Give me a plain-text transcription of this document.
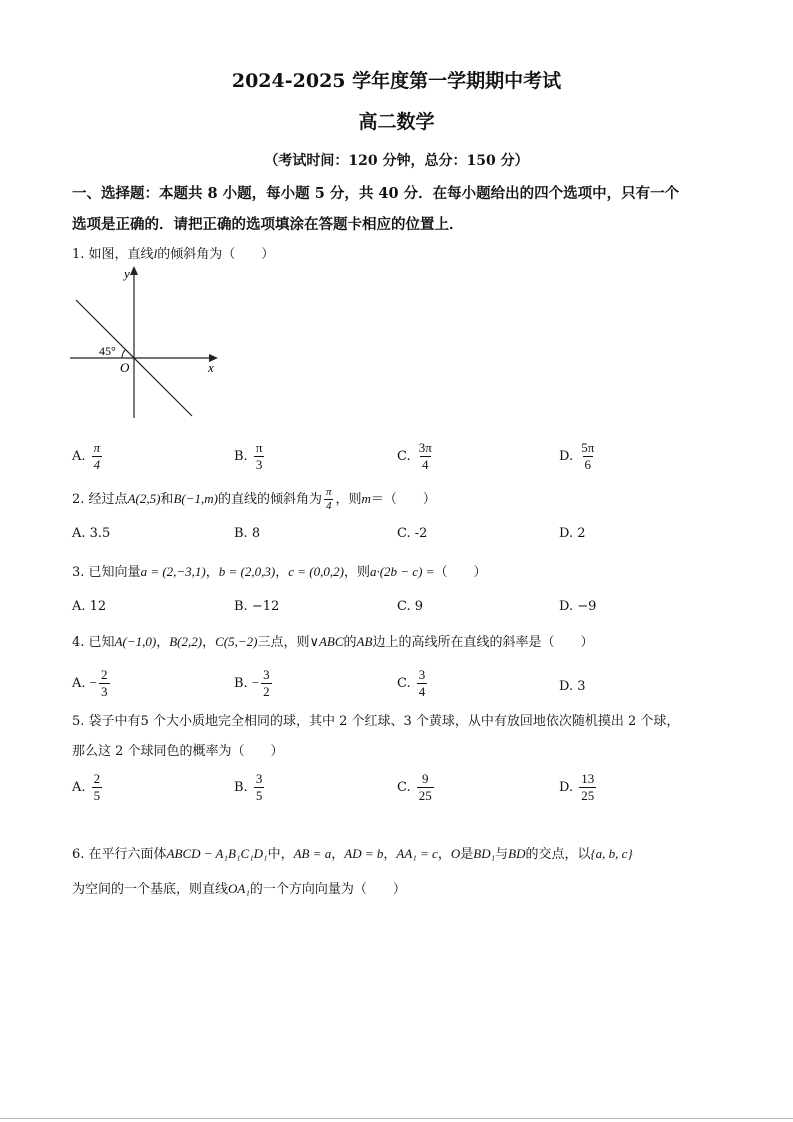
2024-2025 学年度第一学期期中考试
高二数学
（考试时间：120 分钟，总分：150 分）
一、选择题：本题共 8 小题，每小题 5 分，共 40 分．在每小题给出的四个选项中，只有一个
选项是正确的．请把正确的选项填涂在答题卡相应的位置上．
1. 如图，直线l的倾斜角为（　　）
y
x
O
45°
A. $\frac{\pi}{4}$	B. $\frac{\pi}{3}$	C. $\frac{3\pi}{4}$	D. $\frac{5\pi}{6}$
2. 经过点A(2,5)和B(−1,m)的直线的倾斜角为 $\frac{\pi}{4}$ ，则m＝（　　）
A. 3.5	B. 8	C. -2	D. 2
3. 已知向量a = (2,−3,1)，b = (2,0,3)，c = (0,0,2)，则a·(2b − c) =（　　）
A. 12	B. −12	C. 9	D. −9
4. 已知A(−1,0)，B(2,2)，C(5,−2)三点，则∨ABC的AB边上的高线所在直线的斜率是（　　）
A. − $\frac{2}{3}$	B. − $\frac{3}{2}$	C. $\frac{3}{4}$	D. 3
5. 袋子中有5 个大小质地完全相同的球，其中 2 个红球、3 个黄球，从中有放回地依次随机摸出 2 个球，
那么这 2 个球同色的概率为（　　）
A. $\frac{2}{5}$	B. $\frac{3}{5}$	C. $\frac{9}{25}$	D. $\frac{13}{25}$
6. 在平行六面体ABCD − A₁B₁C₁D₁中，AB = a，AD = b，AA₁ = c，O是BD₁与BD的交点，以{a, b, c}
为空间的一个基底，则直线OA₁的一个方向向量为（　　）
